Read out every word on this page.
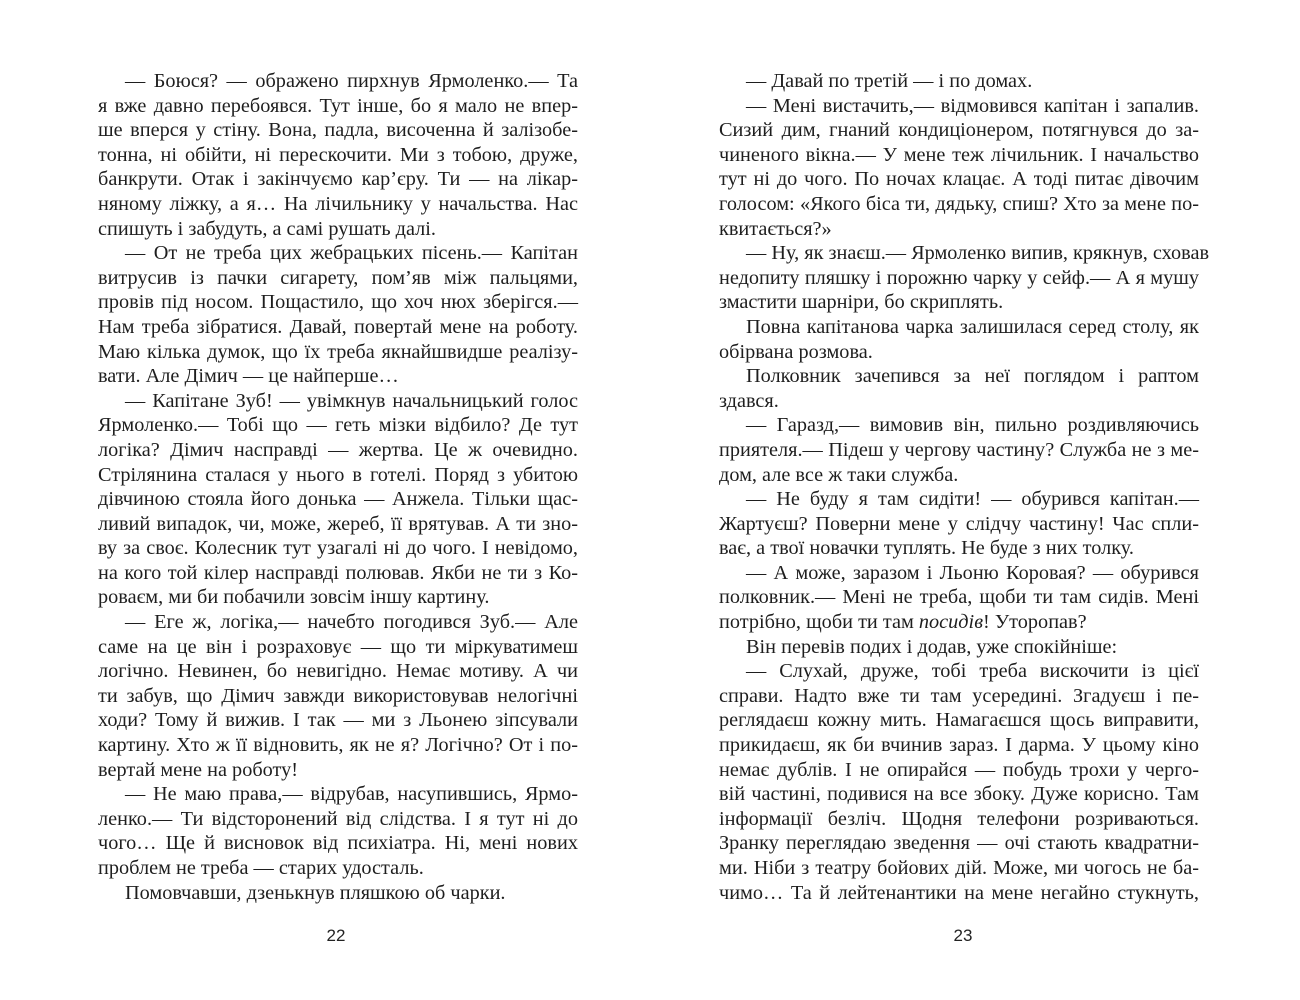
— Боюся? — ображено пирхнув Ярмоленко.— Та
я вже давно перебоявся. Тут інше, бо я мало не впер-
ше вперся у стіну. Вона, падла, височенна й залізобе-
тонна, ні обійти, ні перескочити. Ми з тобою, друже,
банкрути. Отак і закінчуємо кар’єру. Ти — на лікар-
няному ліжку, а я… На лічильнику у начальства. Нас
спишуть і забудуть, а самі рушать далі.
— От не треба цих жебрацьких пісень.— Капітан
витрусив із пачки сигарету, пом’яв між пальцями,
провів під носом. Пощастило, що хоч нюх зберігся.—
Нам треба зібратися. Давай, повертай мене на роботу.
Маю кілька думок, що їх треба якнайшвидше реалізу-
вати. Але Дімич — це найперше…
— Капітане Зуб! — увімкнув начальницький голос
Ярмоленко.— Тобі що — геть мізки відбило? Де тут
логіка? Дімич насправді — жертва. Це ж очевидно.
Стрілянина сталася у нього в готелі. Поряд з убитою
дівчиною стояла його донька — Анжела. Тільки щас-
ливий випадок, чи, може, жереб, її врятував. А ти зно-
ву за своє. Колесник тут узагалі ні до чого. І невідомо,
на кого той кілер насправді полював. Якби не ти з Ко-
роваєм, ми би побачили зовсім іншу картину.
— Еге ж, логіка,— начебто погодився Зуб.— Але
саме на це він і розраховує — що ти міркуватимеш
логічно. Невинен, бо невигідно. Немає мотиву. А чи
ти забув, що Дімич завжди використовував нелогічні
ходи? Тому й вижив. І так — ми з Льонею зіпсували
картину. Хто ж її відновить, як не я? Логічно? От і по-
вертай мене на роботу!
— Не маю права,— відрубав, насупившись, Ярмо-
ленко.— Ти відсторонений від слідства. І я тут ні до
чого… Ще й висновок від психіатра. Ні, мені нових
проблем не треба — старих удосталь.
Помовчавши, дзенькнув пляшкою об чарки.
— Давай по третій — і по домах.
— Мені вистачить,— відмовився капітан і запалив.
Сизий дим, гнаний кондиціонером, потягнувся до за-
чиненого вікна.— У мене теж лічильник. І начальство
тут ні до чого. По ночах клацає. А тоді питає дівочим
голосом: «Якого біса ти, дядьку, спиш? Хто за мене по-
квитається?»
— Ну, як знаєш.— Ярмоленко випив, крякнув, сховав
недопиту пляшку і порожню чарку у сейф.— А я мушу
змастити шарніри, бо скриплять.
Повна капітанова чарка залишилася серед столу, як
обірвана розмова.
Полковник зачепився за неї поглядом і раптом
здався.
— Гаразд,— вимовив він, пильно роздивляючись
приятеля.— Підеш у чергову частину? Служба не з ме-
дом, але все ж таки служба.
— Не буду я там сидіти! — обурився капітан.—
Жартуєш? Поверни мене у слідчу частину! Час спли-
ває, а твої новачки туплять. Не буде з них толку.
— А може, заразом і Льоню Коровая? — обурився
полковник.— Мені не треба, щоби ти там сидів. Мені
потрібно, щоби ти там посидів! Уторопав?
Він перевів подих і додав, уже спокійніше:
— Слухай, друже, тобі треба вискочити із цієї
справи. Надто вже ти там усередині. Згадуєш і пе-
реглядаєш кожну мить. Намагаєшся щось виправити,
прикидаєш, як би вчинив зараз. І дарма. У цьому кіно
немає дублів. І не опирайся — побудь трохи у черго-
вій частині, подивися на все збоку. Дуже корисно. Там
інформації безліч. Щодня телефони розриваються.
Зранку переглядаю зведення — очі стають квадратни-
ми. Ніби з театру бойових дій. Може, ми чогось не ба-
чимо… Та й лейтенантики на мене негайно стукнуть,
22	23
